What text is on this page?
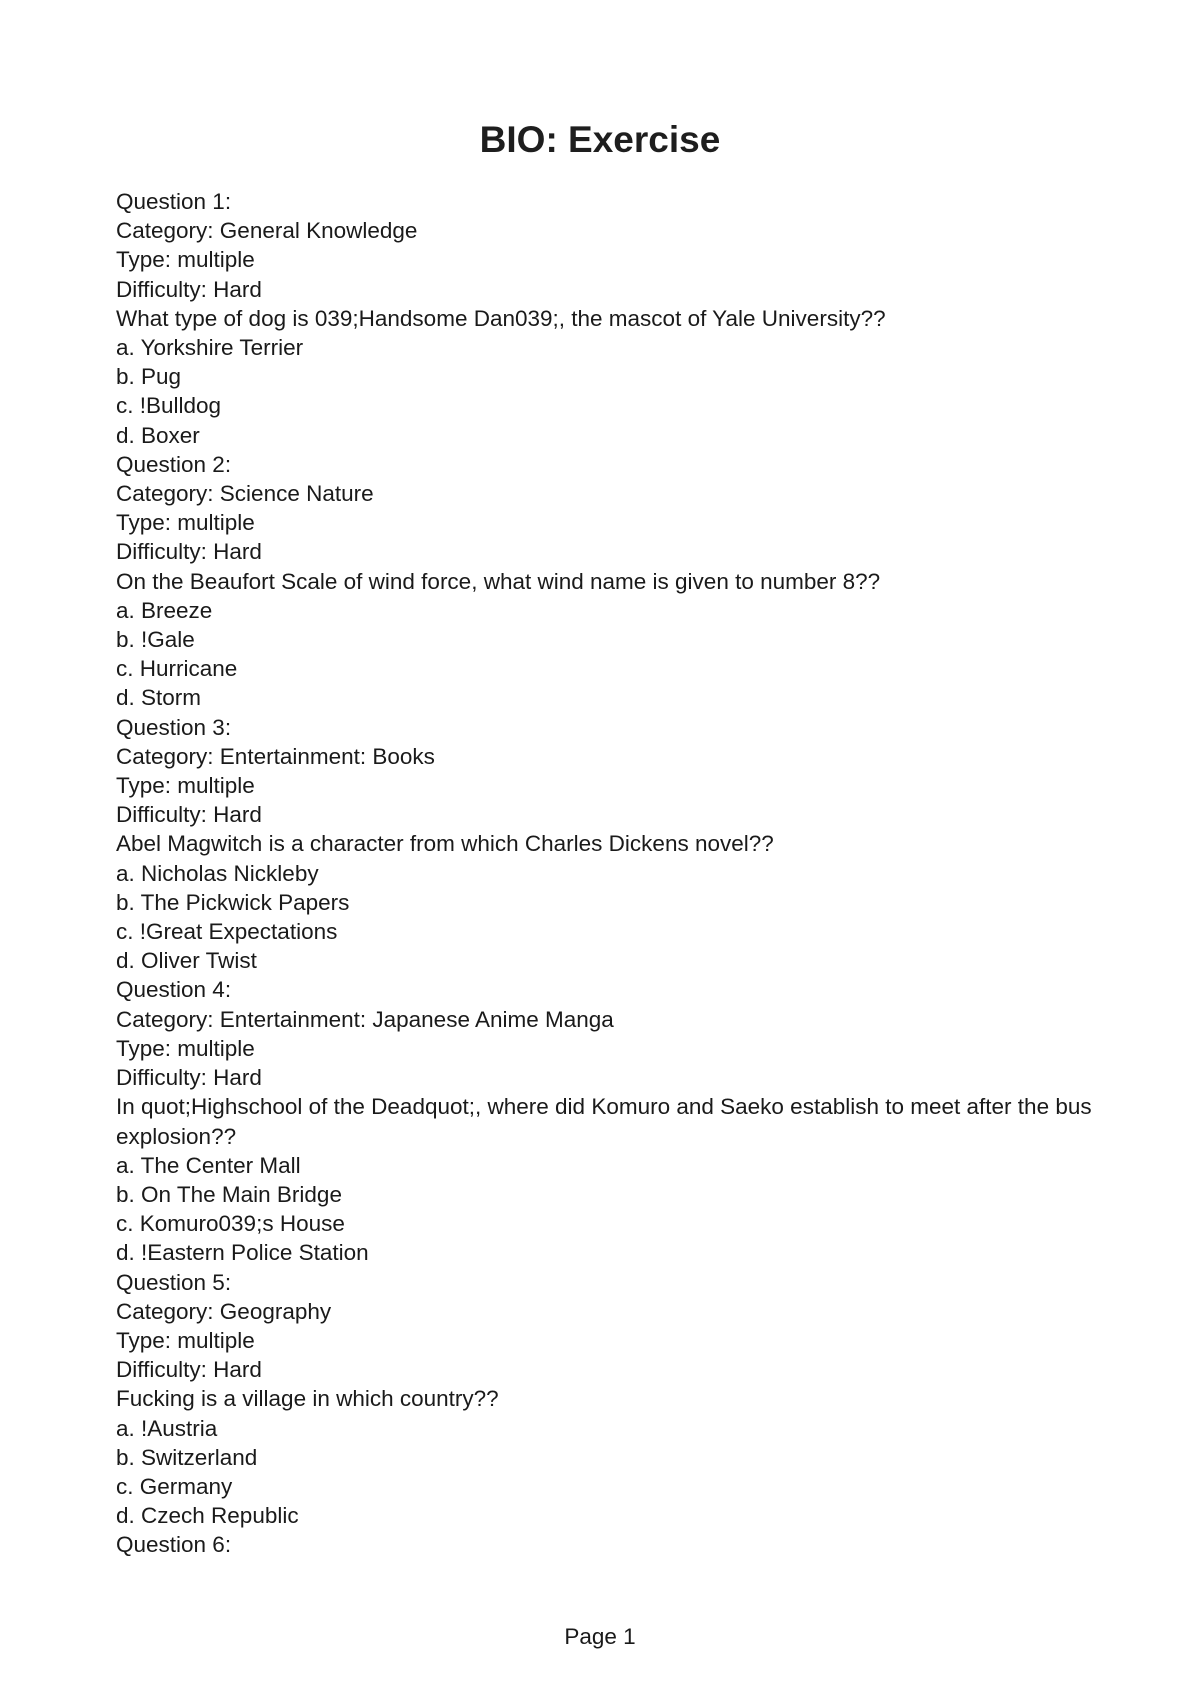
BIO: Exercise
Question 1:
Category: General Knowledge
Type: multiple
Difficulty: Hard
What type of dog is 039;Handsome Dan039;, the mascot of Yale University??
a. Yorkshire Terrier
b. Pug
c. !Bulldog
d. Boxer
Question 2:
Category: Science Nature
Type: multiple
Difficulty: Hard
On the Beaufort Scale of wind force, what wind name is given to number 8??
a. Breeze
b. !Gale
c. Hurricane
d. Storm
Question 3:
Category: Entertainment: Books
Type: multiple
Difficulty: Hard
Abel Magwitch is a character from which Charles Dickens novel??
a. Nicholas Nickleby
b. The Pickwick Papers
c. !Great Expectations
d. Oliver Twist
Question 4:
Category: Entertainment: Japanese Anime Manga
Type: multiple
Difficulty: Hard
In quot;Highschool of the Deadquot;, where did Komuro and Saeko establish to meet after the bus explosion??
a. The Center Mall
b. On The Main Bridge
c. Komuro039;s House
d. !Eastern Police Station
Question 5:
Category: Geography
Type: multiple
Difficulty: Hard
Fucking is a village in which country??
a. !Austria
b. Switzerland
c. Germany
d. Czech Republic
Question 6:
Page 1
